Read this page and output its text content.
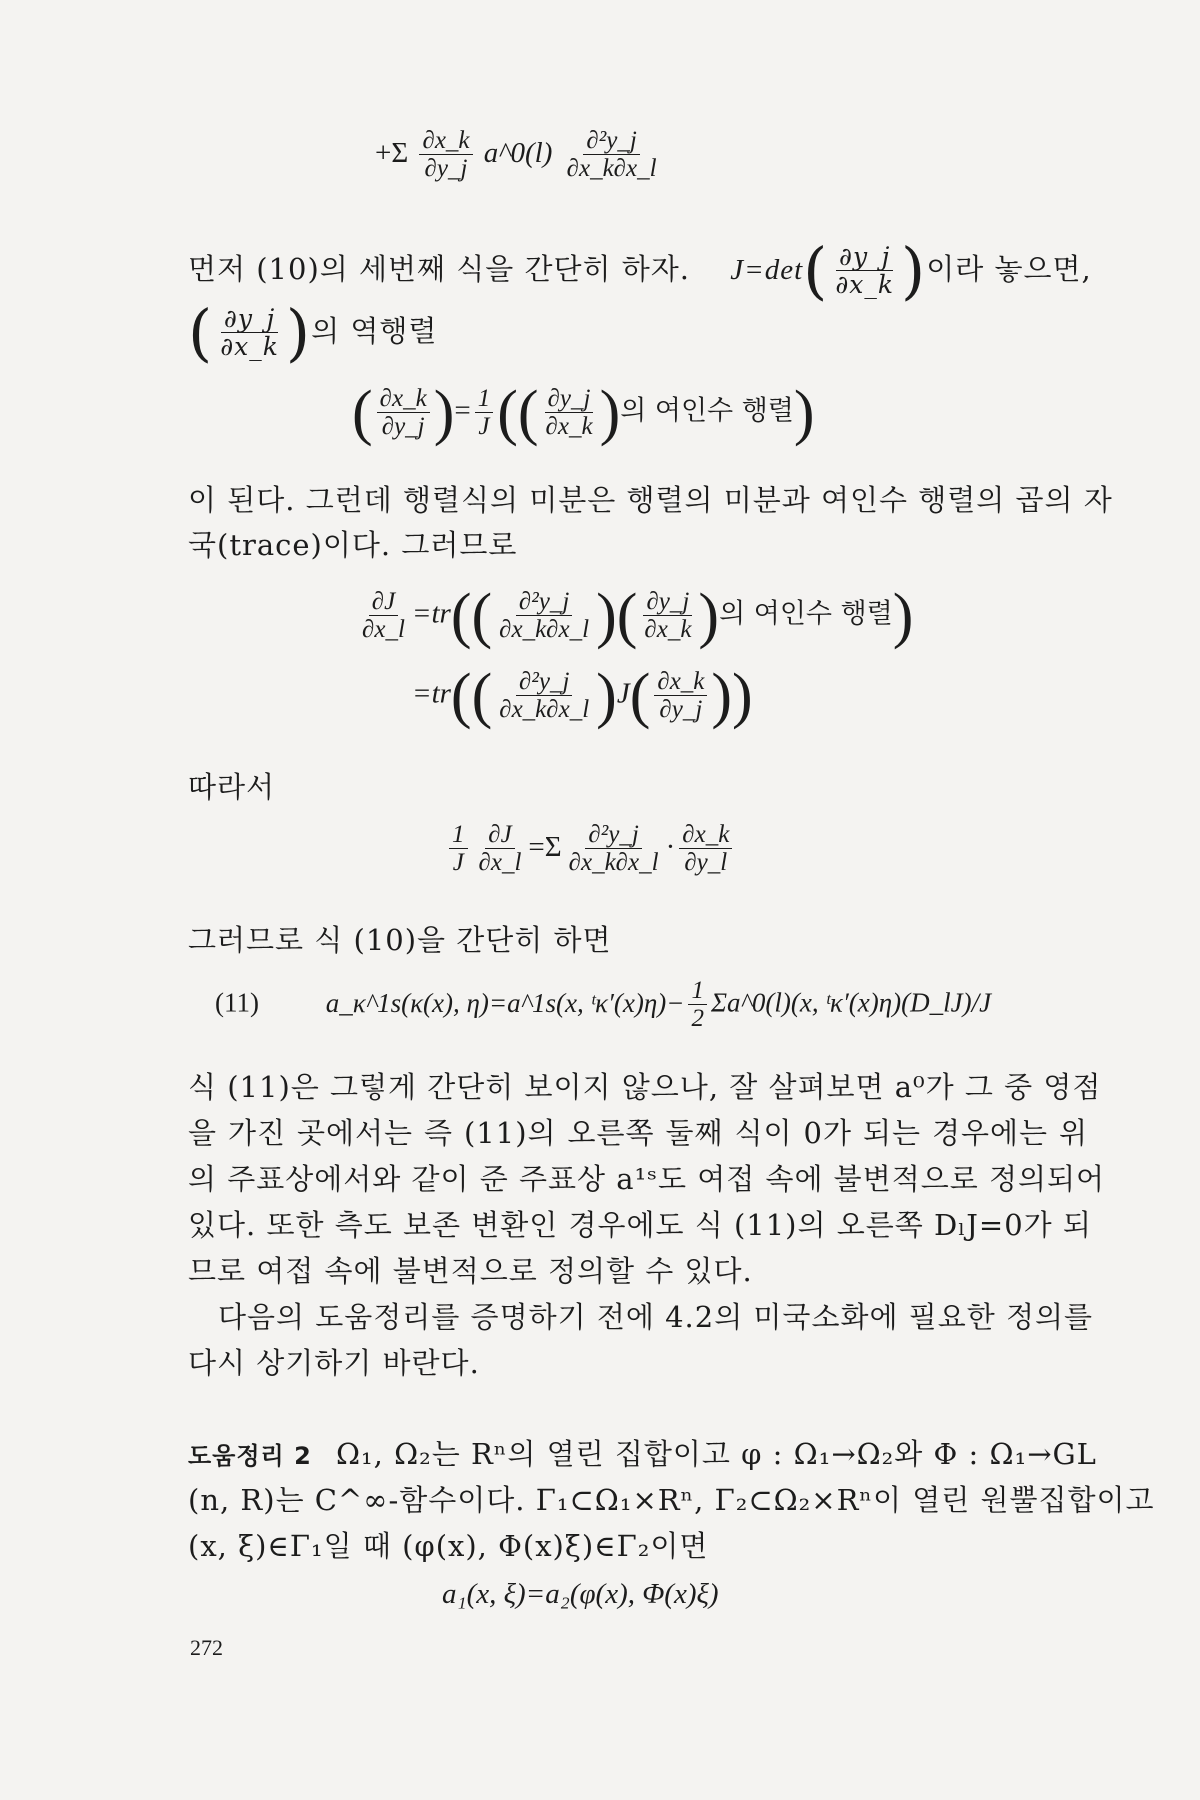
$+\Sigma \frac{\partial x\_k}{\partial y\_j}$ a^0(l) $\frac{\text{∂²y\_j}}{\partial x\_k\partial x\_l}$
먼저 (10)의 세번째 식을 간단히 하자. $J=\det( \frac{\partial y\_j}{\partial x\_k}$ )이라 놓으면,
( $\frac{\partial y\_j}{\partial x\_k}$ )의 역행렬
( $\frac{\partial x\_k}{\partial y\_j}$ )= $\frac{1}{J}$ (( $\frac{\partial y\_j}{\partial x\_k}$ )의 여인수 행렬)
이 된다. 그런데 행렬식의 미분은 행렬의 미분과 여인수 행렬의 곱의 자
국(trace)이다. 그러므로
$\frac{\partial J}{\partial x\_l} =tr(( \frac{\text{∂²y\_j}}{\partial x\_k\partial x\_l}$ )( $\frac{\partial y\_j}{\partial x\_k}$ )의 여인수 행렬)
$=tr(( \frac{\text{∂²y\_j}}{\partial x\_k\partial x\_l} )J( \frac{\partial x\_k}{\partial y\_j}$ ))
따라서
$\frac{1}{J} \frac{\partial J}{\partial x\_l} =\Sigma \frac{\text{∂²y\_j}}{\partial x\_k\partial x\_l} \cdot \frac{\partial x\_k}{\partial y\_l}$
그러므로 식 (10)을 간단히 하면
(11) a_κ^1s(κ(x), η)=a^1s(x, ᵗκ′(x)η)− $\frac{1}{2}$ Σa^0(l)(x, ᵗκ′(x)η)(D_lJ)/J
식 (11)은 그렇게 간단히 보이지 않으나, 잘 살펴보면 a⁰가 그 중 영점
을 가진 곳에서는 즉 (11)의 오른쪽 둘째 식이 0가 되는 경우에는 위
의 주표상에서와 같이 준 주표상 a¹ˢ도 여접 속에 불변적으로 정의되어
있다. 또한 측도 보존 변환인 경우에도 식 (11)의 오른쪽 DₗJ=0가 되
므로 여접 속에 불변적으로 정의할 수 있다.
다음의 도움정리를 증명하기 전에 4.2의 미국소화에 필요한 정의를
다시 상기하기 바란다.
도움정리 2 Ω₁, Ω₂는 Rⁿ의 열린 집합이고 φ : Ω₁→Ω₂와 Φ : Ω₁→GL
(n, R)는 C^∞-함수이다. Γ₁⊂Ω₁×Rⁿ, Γ₂⊂Ω₂×Rⁿ이 열린 원뿔집합이고
(x, ξ)∈Γ₁일 때 (φ(x), Φ(x)ξ)∈Γ₂이면
a₁(x, ξ)=a₂(φ(x), Φ(x)ξ)
272
